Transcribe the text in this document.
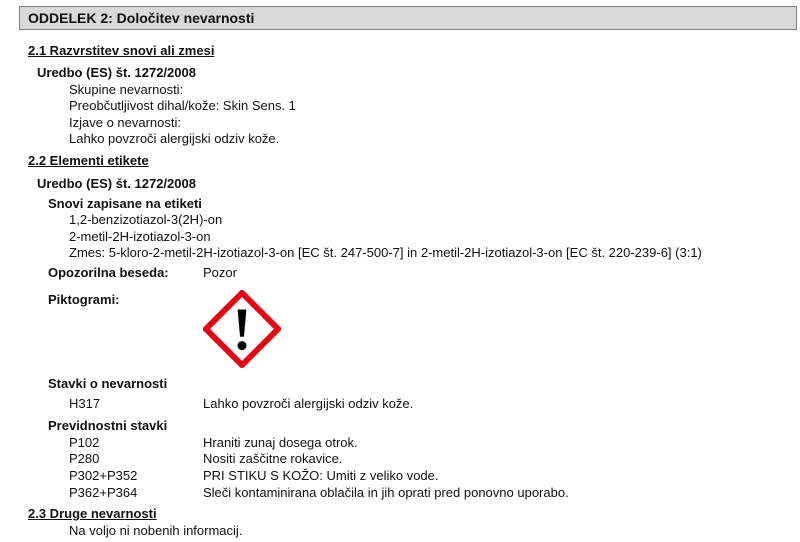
ODDELEK 2: Določitev nevarnosti
2.1 Razvrstitev snovi ali zmesi
Uredbo (ES) št. 1272/2008
Skupine nevarnosti:
Preobčutljivost dihal/kože: Skin Sens. 1
Izjave o nevarnosti:
Lahko povzroči alergijski odziv kože.
2.2 Elementi etikete
Uredbo (ES) št. 1272/2008
Snovi zapisane na etiketi
1,2-benzizotiazol-3(2H)-on
2-metil-2H-izotiazol-3-on
Zmes: 5-kloro-2-metil-2H-izotiazol-3-on [EC št. 247-500-7] in 2-metil-2H-izotiazol-3-on [EC št. 220-239-6] (3:1)
Opozorilna beseda:	Pozor
Piktogrami:
Stavki o nevarnosti
H317	Lahko povzroči alergijski odziv kože.
Previdnostni stavki
P102	Hraniti zunaj dosega otrok.
P280	Nositi zaščitne rokavice.
P302+P352	PRI STIKU S KOŽO: Umiti z veliko vode.
P362+P364	Sleči kontaminirana oblačila in jih oprati pred ponovno uporabo.
2.3 Druge nevarnosti
Na voljo ni nobenih informacij.
